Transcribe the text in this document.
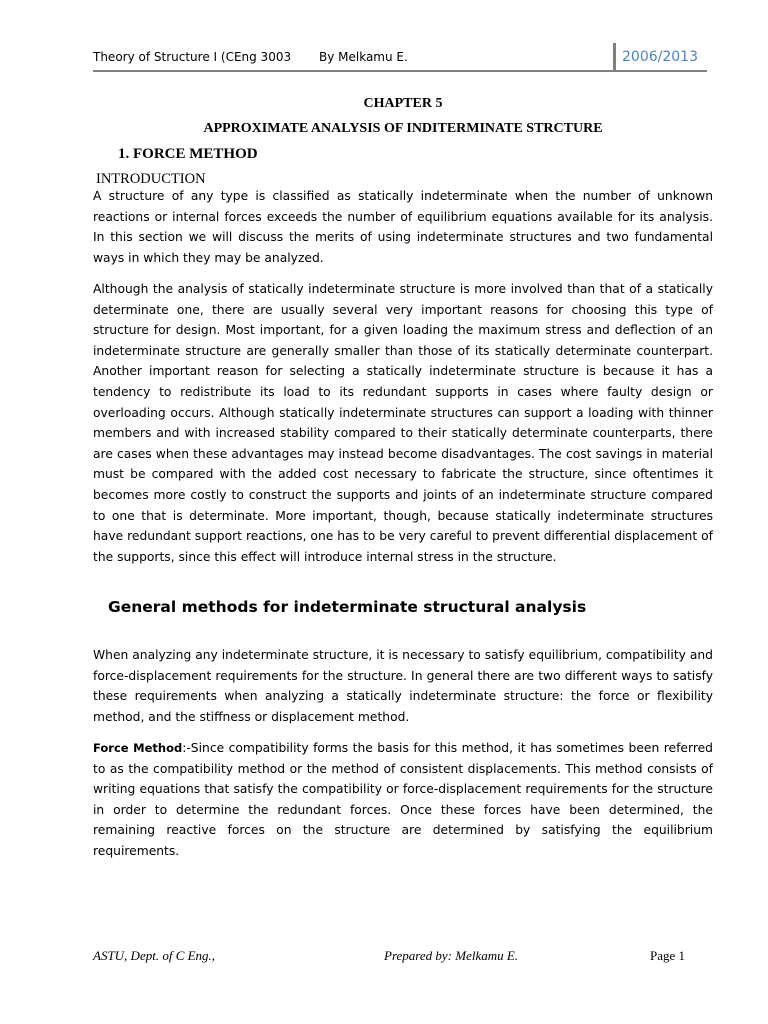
Theory of Structure I (CEng 3003 By Melkamu E.	2006/2013
CHAPTER 5
APPROXIMATE ANALYSIS OF INDITERMINATE STRCTURE
1. FORCE METHOD
INTRODUCTION

A structure of any type is classified as statically indeterminate when the number of unknown reactions or internal forces exceeds the number of equilibrium equations available for its analysis. In this section we will discuss the merits of using indeterminate structures and two fundamental ways in which they may be analyzed.

Although the analysis of statically indeterminate structure is more involved than that of a statically determinate one, there are usually several very important reasons for choosing this type of structure for design. Most important, for a given loading the maximum stress and deflection of an indeterminate structure are generally smaller than those of its statically determinate counterpart. Another important reason for selecting a statically indeterminate structure is because it has a tendency to redistribute its load to its redundant supports in cases where faulty design or overloading occurs. Although statically indeterminate structures can support a loading with thinner members and with increased stability compared to their statically determinate counterparts, there are cases when these advantages may instead become disadvantages. The cost savings in material must be compared with the added cost necessary to fabricate the structure, since oftentimes it becomes more costly to construct the supports and joints of an indeterminate structure compared to one that is determinate. More important, though, because statically indeterminate structures have redundant support reactions, one has to be very careful to prevent differential displacement of the supports, since this effect will introduce internal stress in the structure.

General methods for indeterminate structural analysis

When analyzing any indeterminate structure, it is necessary to satisfy equilibrium, compatibility and force-displacement requirements for the structure. In general there are two different ways to satisfy these requirements when analyzing a statically indeterminate structure: the force or flexibility method, and the stiffness or displacement method.

Force Method:-Since compatibility forms the basis for this method, it has sometimes been referred to as the compatibility method or the method of consistent displacements. This method consists of writing equations that satisfy the compatibility or force-displacement requirements for the structure in order to determine the redundant forces. Once these forces have been determined, the remaining reactive forces on the structure are determined by satisfying the equilibrium requirements.

ASTU, Dept. of C Eng.,	Prepared by: Melkamu E.	Page 1
